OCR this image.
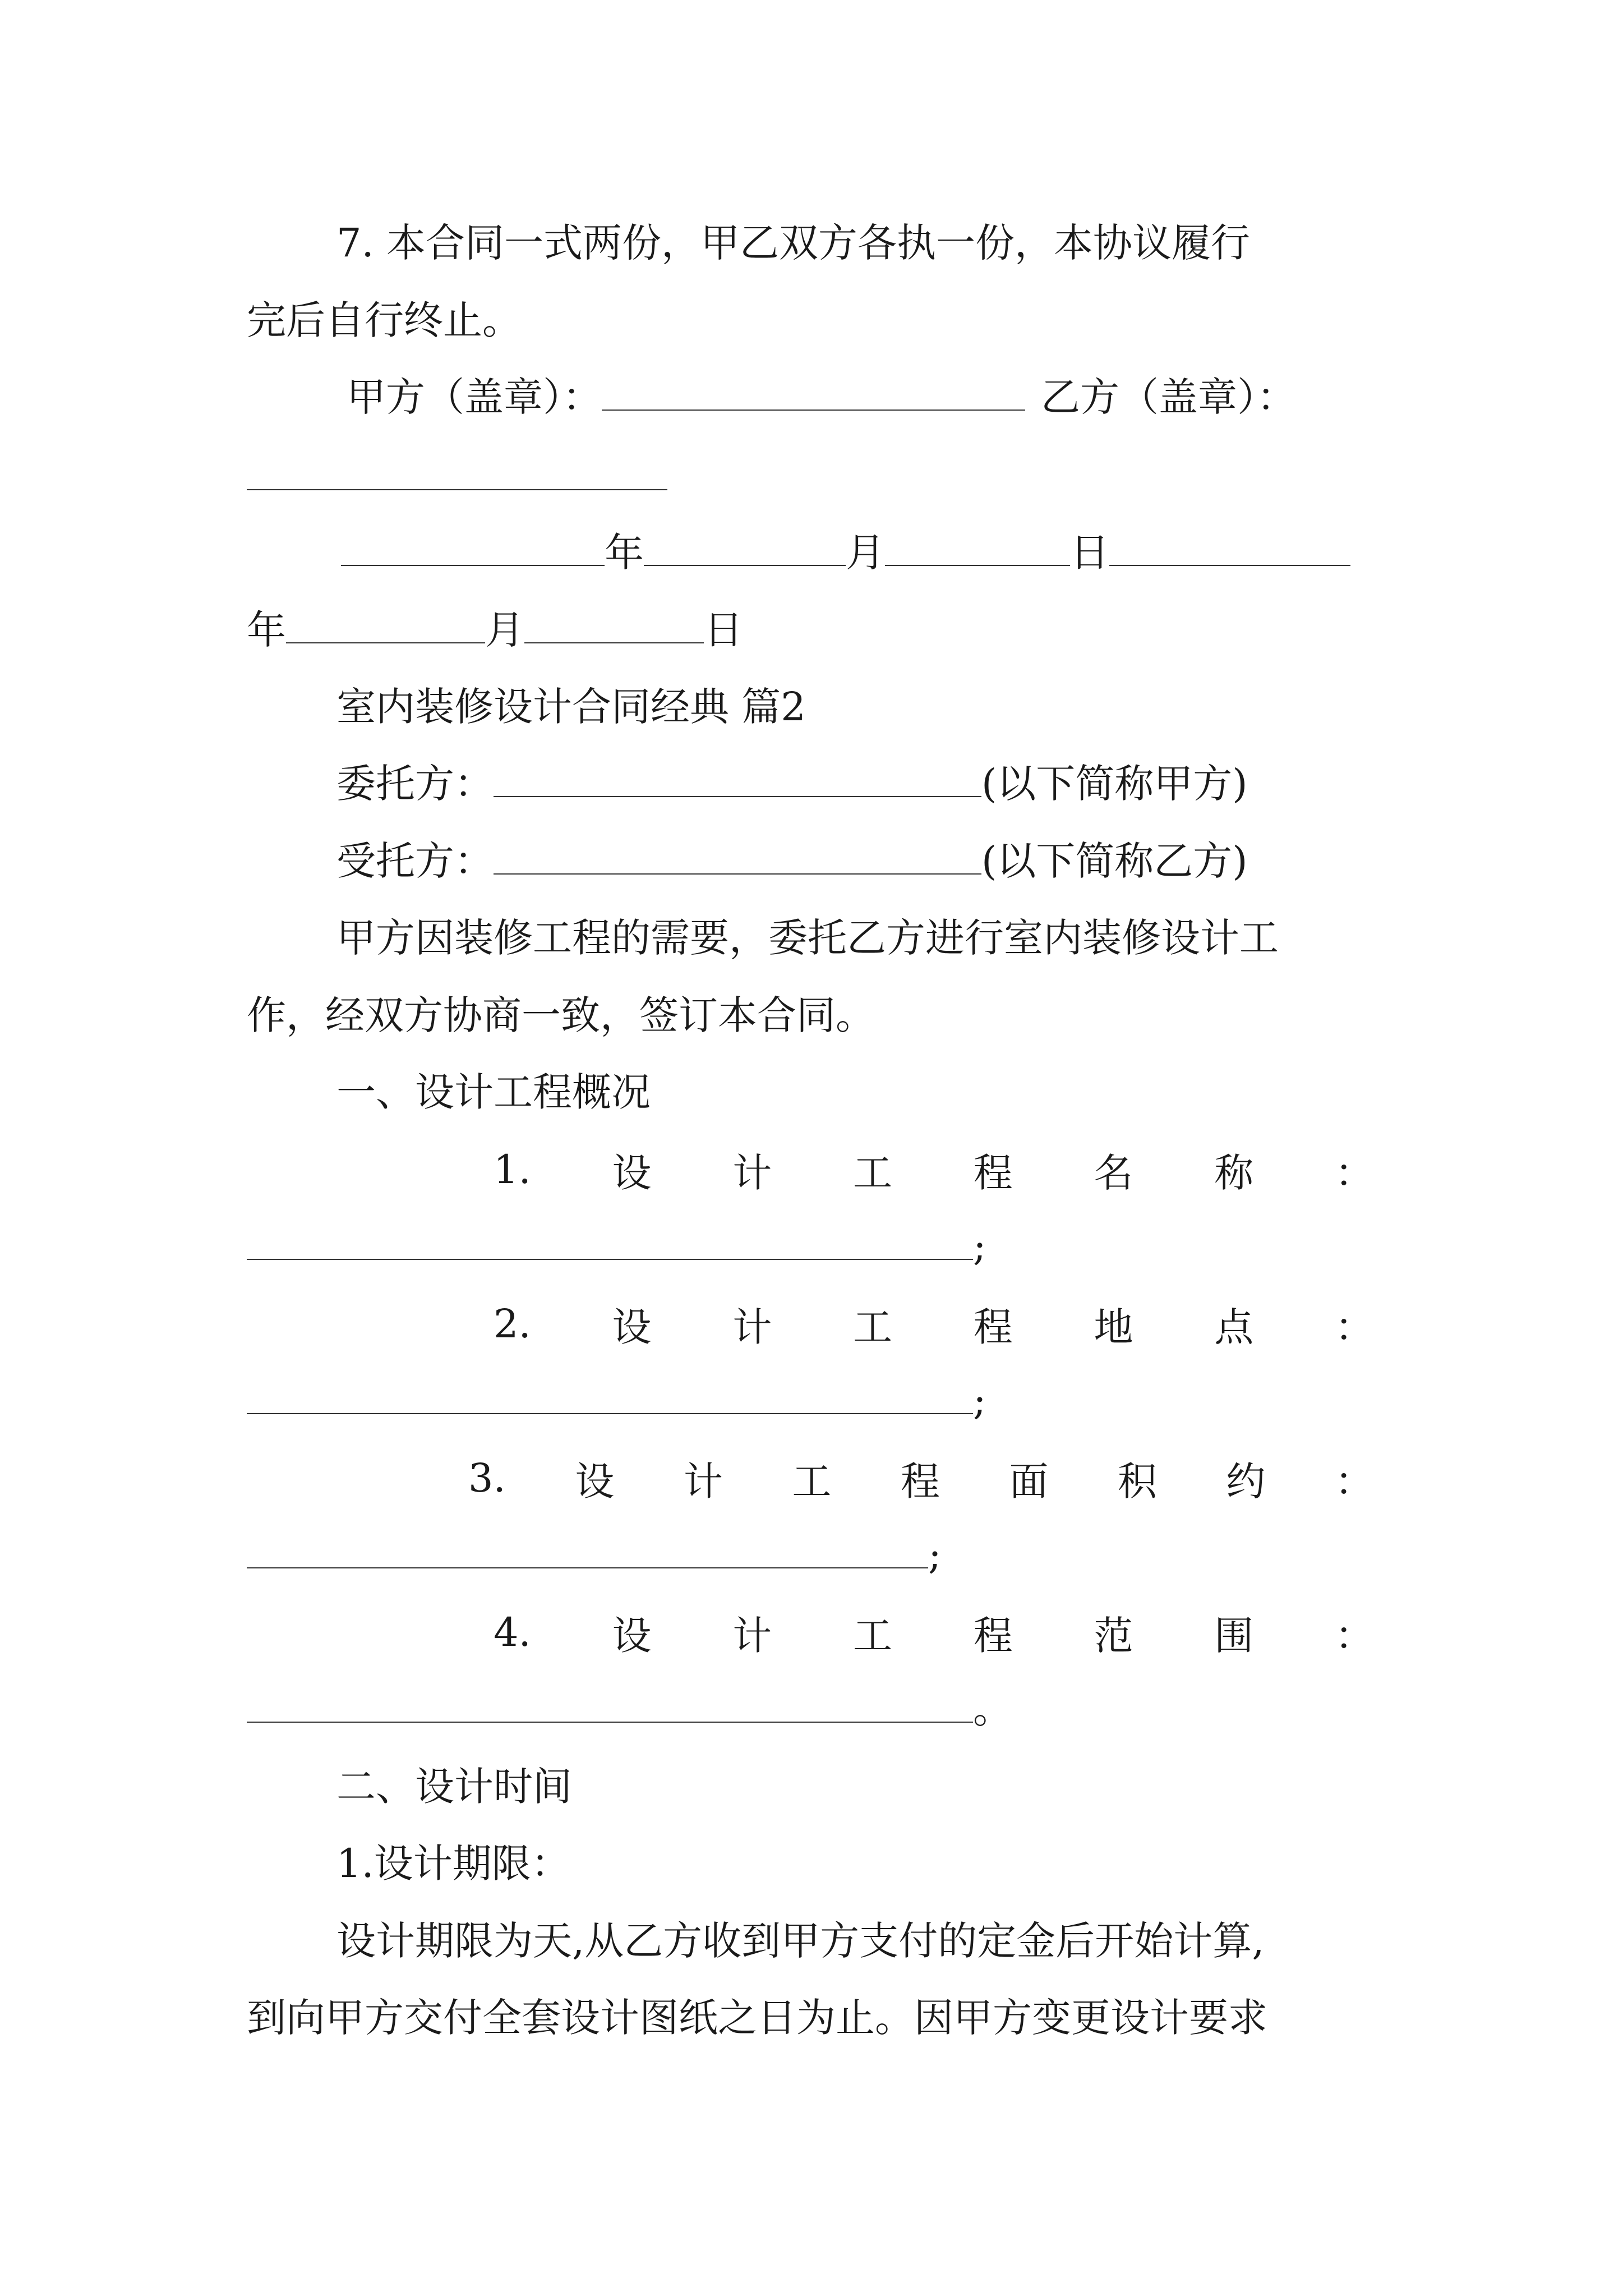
7. 本合同一式两份，甲乙双方各执一份，本协议履行

完后自行终止。

甲方（盖章）：	乙方（盖章）：

年	月	日

年	月	日

室内装修设计合同经典 篇2

委托方：	(以下简称甲方)

受托方：	(以下简称乙方)

甲方因装修工程的需要，委托乙方进行室内装修设计工

作，经双方协商一致，签订本合同。

一、设计工程概况

1. 设 计 工 程 名 称 ：

;

2. 设 计 工 程 地 点 ：

;

3. 设 计 工 程 面 积 约 ：

;

4. 设 计 工 程 范 围 ：

。

二、设计时间

1.设计期限：

设计期限为天,从乙方收到甲方支付的定金后开始计算,

到向甲方交付全套设计图纸之日为止。因甲方变更设计要求
